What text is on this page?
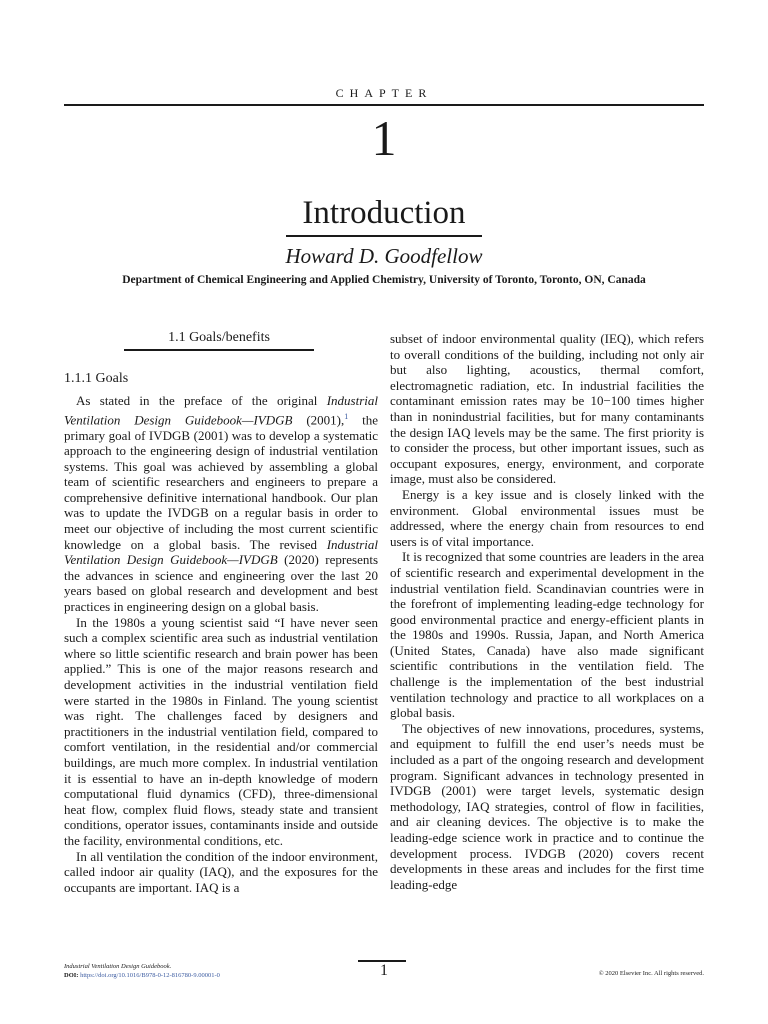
CHAPTER
1
Introduction
Howard D. Goodfellow
Department of Chemical Engineering and Applied Chemistry, University of Toronto, Toronto, ON, Canada
1.1 Goals/benefits
1.1.1 Goals

As stated in the preface of the original Industrial Ventilation Design Guidebook—IVDGB (2001),$^1$ the primary goal of IVDGB (2001) was to develop a systematic approach to the engineering design of industrial ventilation systems. This goal was achieved by assembling a global team of scientific researchers and engineers to prepare a comprehensive definitive international handbook. Our plan was to update the IVDGB on a regular basis in order to meet our objective of including the most current scientific knowledge on a global basis. The revised Industrial Ventilation Design Guidebook—IVDGB (2020) represents the advances in science and engineering over the last 20 years based on global research and development and best practices in engineering design on a global basis.

In the 1980s a young scientist said “I have never seen such a complex scientific area such as industrial ventilation where so little scientific research and brain power has been applied.” This is one of the major reasons research and development activities in the industrial ventilation field were started in the 1980s in Finland. The young scientist was right. The challenges faced by designers and practitioners in the industrial ventilation field, compared to comfort ventilation, in the residential and/or commercial buildings, are much more complex. In industrial ventilation it is essential to have an in-depth knowledge of modern computational fluid dynamics (CFD), three-dimensional heat flow, complex fluid flows, steady state and transient conditions, operator issues, contaminants inside and outside the facility, environmental conditions, etc.

In all ventilation the condition of the indoor environment, called indoor air quality (IAQ), and the exposures for the occupants are important. IAQ is a

subset of indoor environmental quality (IEQ), which refers to overall conditions of the building, including not only air but also lighting, acoustics, thermal comfort, electromagnetic radiation, etc. In industrial facilities the contaminant emission rates may be 10−100 times higher than in nonindustrial facilities, but for many contaminants the design IAQ levels may be the same. The first priority is to consider the process, but other important issues, such as occupant exposures, energy, environment, and corporate image, must also be considered.

Energy is a key issue and is closely linked with the environment. Global environmental issues must be addressed, where the energy chain from resources to end users is of vital importance.

It is recognized that some countries are leaders in the area of scientific research and experimental development in the industrial ventilation field. Scandinavian countries were in the forefront of implementing leading-edge technology for good environmental practice and energy-efficient plants in the 1980s and 1990s. Russia, Japan, and North America (United States, Canada) have also made significant scientific contributions in the ventilation field. The challenge is the implementation of the best industrial ventilation technology and practice to all workplaces on a global basis.

The objectives of new innovations, procedures, systems, and equipment to fulfill the end user’s needs must be included as a part of the ongoing research and development program. Significant advances in technology presented in IVDGB (2001) were target levels, systematic design methodology, IAQ strategies, control of flow in facilities, and air cleaning devices. The objective is to make the leading-edge science work in practice and to continue the development process. IVDGB (2020) covers recent developments in these areas and includes for the first time leading-edge

1
Industrial Ventilation Design Guidebook.
DOI: https://doi.org/10.1016/B978-0-12-816780-9.00001-0	© 2020 Elsevier Inc. All rights reserved.
